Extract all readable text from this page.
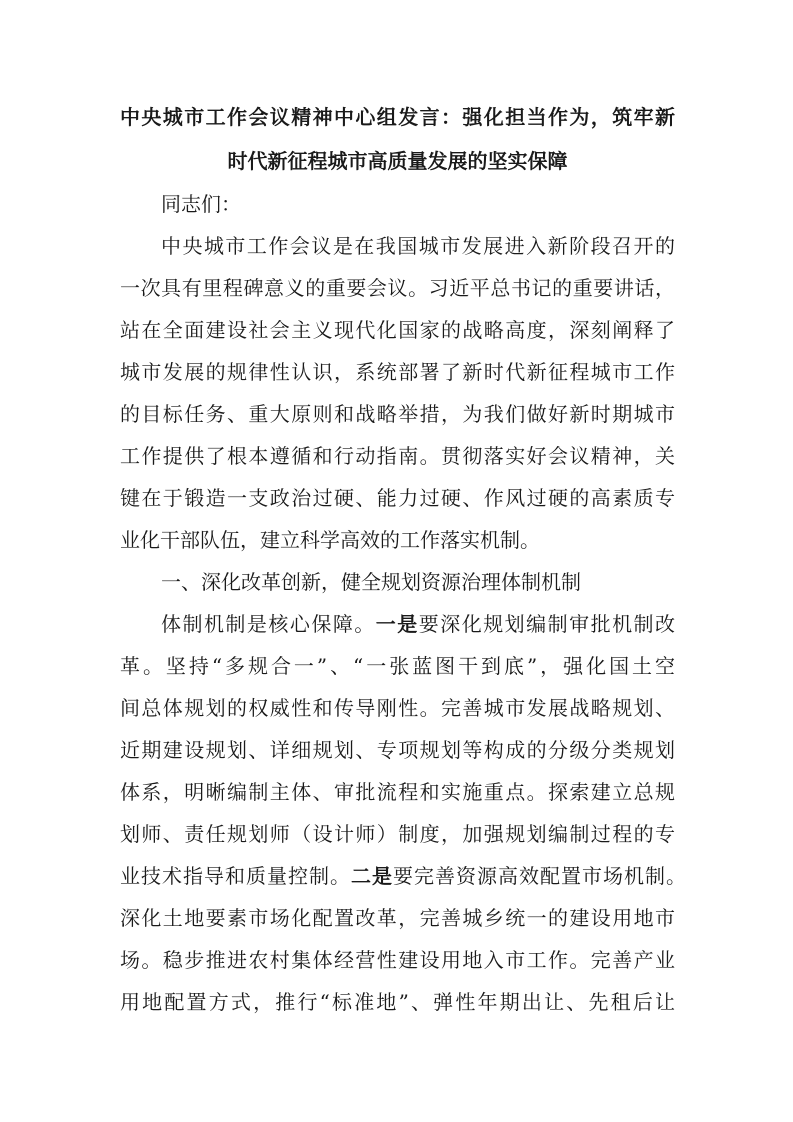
中央城市工作会议精神中心组发言：强化担当作为，筑牢新
时代新征程城市高质量发展的坚实保障
同志们：
中央城市工作会议是在我国城市发展进入新阶段召开的
一次具有里程碑意义的重要会议。习近平总书记的重要讲话，
站在全面建设社会主义现代化国家的战略高度，深刻阐释了
城市发展的规律性认识，系统部署了新时代新征程城市工作
的目标任务、重大原则和战略举措，为我们做好新时期城市
工作提供了根本遵循和行动指南。贯彻落实好会议精神，关
键在于锻造一支政治过硬、能力过硬、作风过硬的高素质专
业化干部队伍，建立科学高效的工作落实机制。
一、深化改革创新，健全规划资源治理体制机制
体制机制是核心保障。一是要深化规划编制审批机制改
革。坚持“多规合一”、“一张蓝图干到底”，强化国土空
间总体规划的权威性和传导刚性。完善城市发展战略规划、
近期建设规划、详细规划、专项规划等构成的分级分类规划
体系，明晰编制主体、审批流程和实施重点。探索建立总规
划师、责任规划师（设计师）制度，加强规划编制过程的专
业技术指导和质量控制。二是要完善资源高效配置市场机制。
深化土地要素市场化配置改革，完善城乡统一的建设用地市
场。稳步推进农村集体经营性建设用地入市工作。完善产业
用地配置方式，推行“标准地”、弹性年期出让、先租后让
